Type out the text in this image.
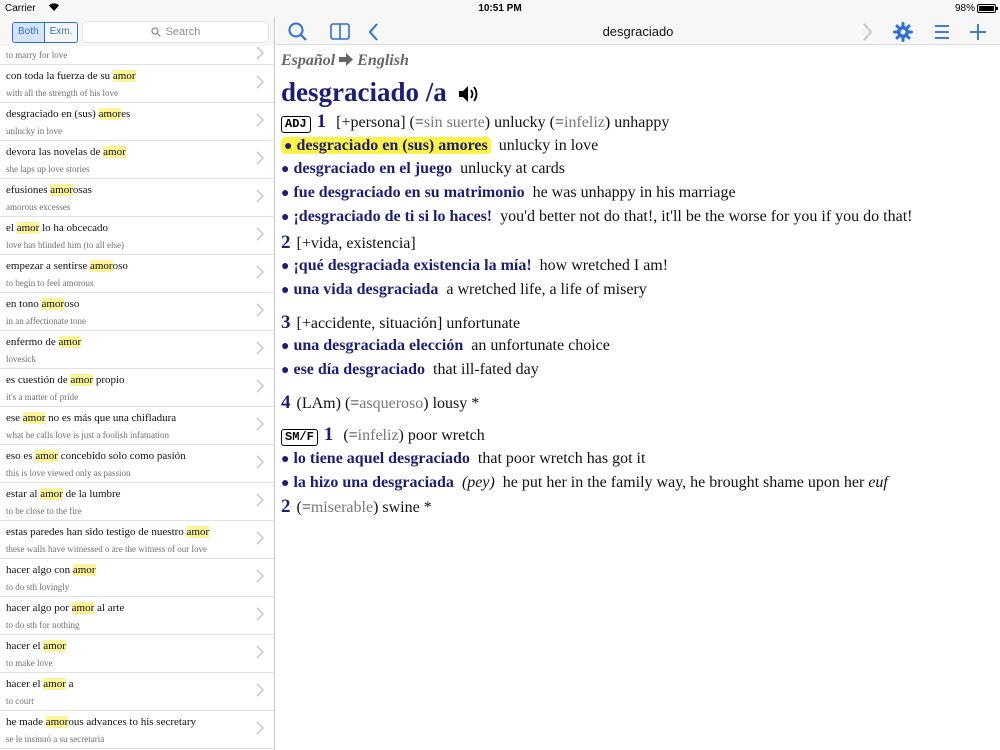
Carrier	10:51 PM	98%
Both	Exm.	Search
to marry for love
con toda la fuerza de su amor
with all the strength of his love
desgraciado en (sus) amores
unlucky in love
devora las novelas de amor
she laps up love stories
efusiones amorosas
amorous excesses
el amor lo ha obcecado
love has blinded him (to all else)
empezar a sentirse amoroso
to begin to feel amorous
en tono amoroso
in an affectionate tone
enfermo de amor
lovesick
es cuestión de amor propio
it's a matter of pride
ese amor no es más que una chifladura
what he calls love is just a foolish infatuation
eso es amor concebido solo como pasión
this is love viewed only as passion
estar al amor de la lumbre
to be close to the fire
estas paredes han sido testigo de nuestro amor
these walls have witnessed o are the witness of our love
hacer algo con amor
to do sth lovingly
hacer algo por amor al arte
to do sth for nothing
hacer el amor
to make love
hacer el amor a
to court
he made amorous advances to his secretary
se le insinuó a su secretaria
desgraciado
Español English
desgraciado /a
ADJ 1 [+persona] (=sin suerte) unlucky (=infeliz) unhappy
● desgraciado en (sus) amores unlucky in love
● desgraciado en el juego unlucky at cards
● fue desgraciado en su matrimonio he was unhappy in his marriage
● ¡desgraciado de ti si lo haces! you'd better not do that!, it'll be the worse for you if you do that!
2 [+vida, existencia]
● ¡qué desgraciada existencia la mía! how wretched I am!
● una vida desgraciada a wretched life, a life of misery
3 [+accidente, situación] unfortunate
● una desgraciada elección an unfortunate choice
● ese día desgraciado that ill-fated day
4 (LAm) (=asqueroso) lousy *
SM/F 1 (=infeliz) poor wretch
● lo tiene aquel desgraciado that poor wretch has got it
● la hizo una desgraciada (pey) he put her in the family way, he brought shame upon her euf
2 (=miserable) swine *
